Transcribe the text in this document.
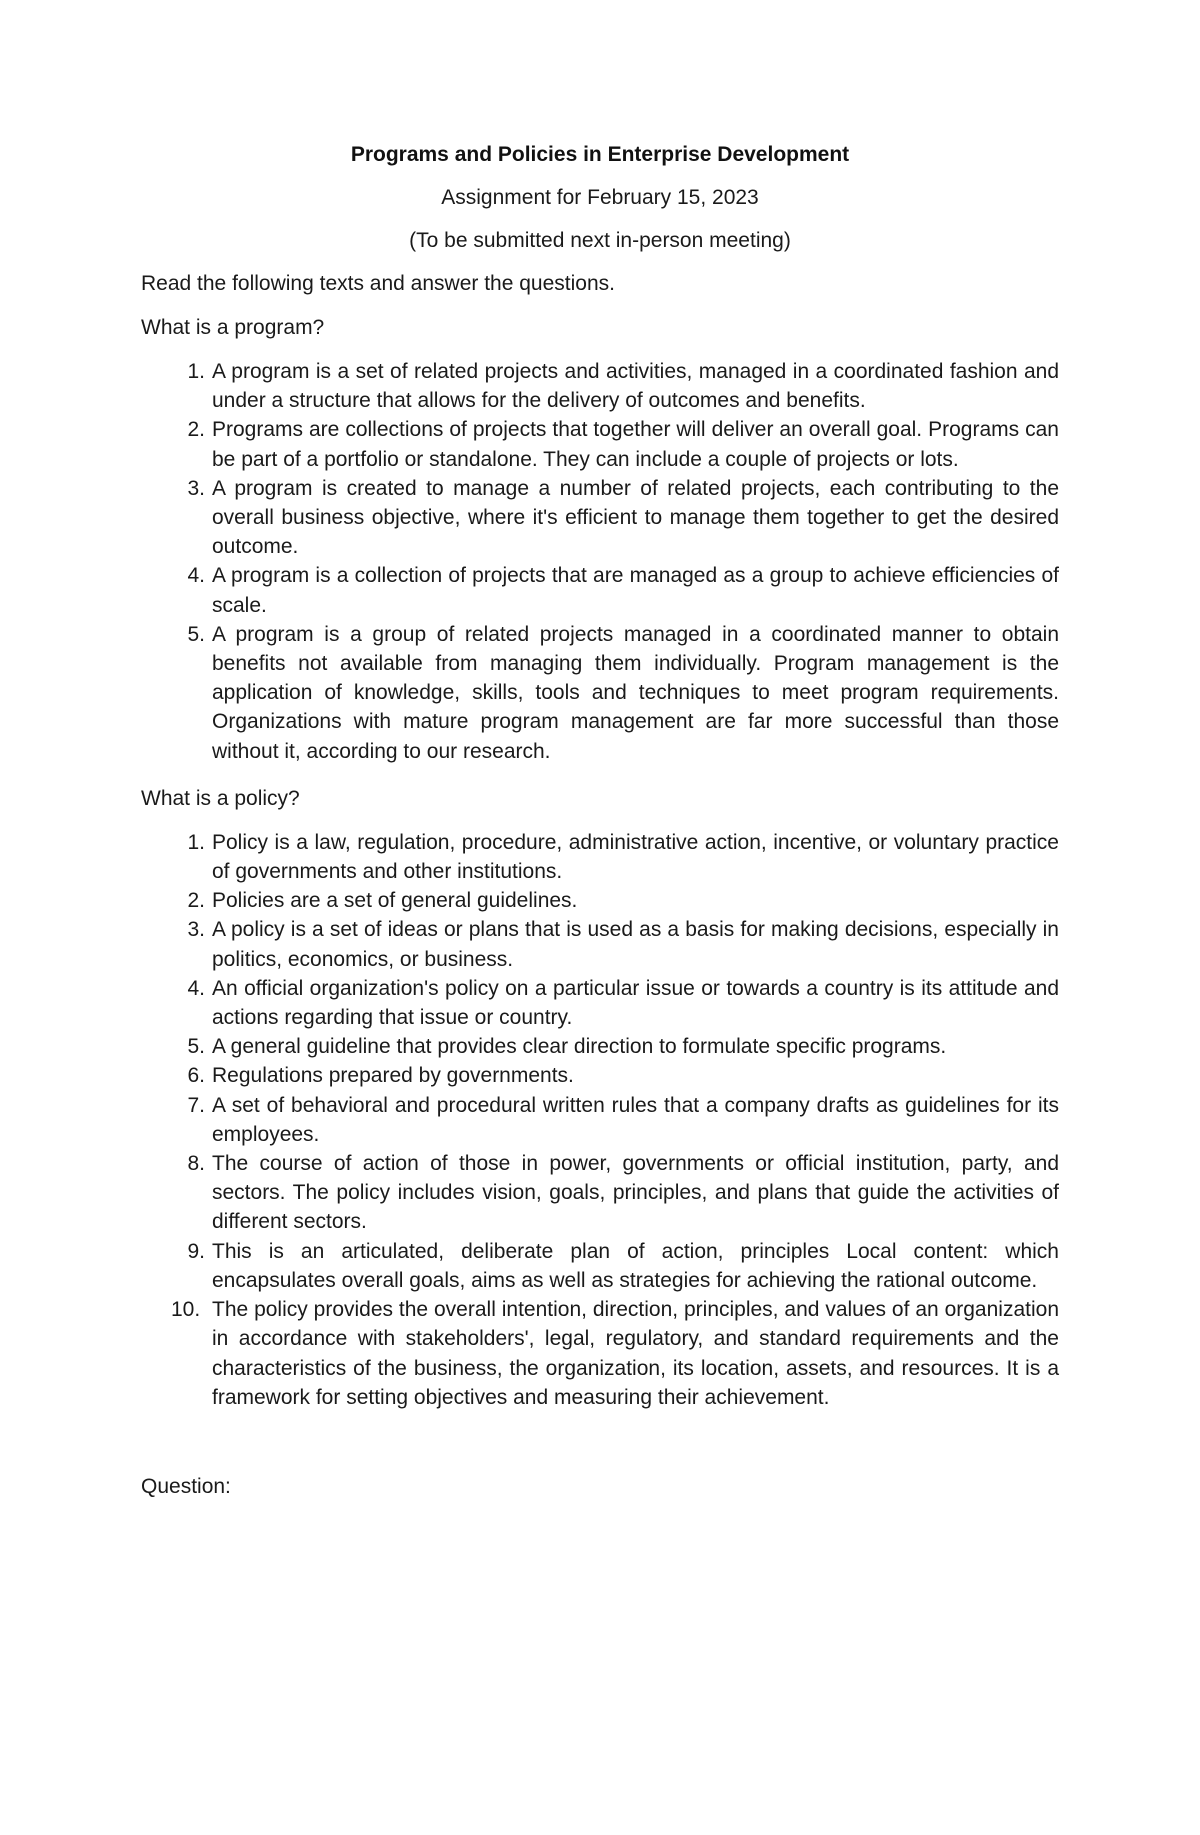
Programs and Policies in Enterprise Development
Assignment for February 15, 2023
(To be submitted next in-person meeting)
Read the following texts and answer the questions.
What is a program?
1. A program is a set of related projects and activities, managed in a coordinated fashion and under a structure that allows for the delivery of outcomes and benefits.
2. Programs are collections of projects that together will deliver an overall goal. Programs can be part of a portfolio or standalone. They can include a couple of projects or lots.
3. A program is created to manage a number of related projects, each contributing to the overall business objective, where it's efficient to manage them together to get the desired outcome.
4. A program is a collection of projects that are managed as a group to achieve efficiencies of scale.
5. A program is a group of related projects managed in a coordinated manner to obtain benefits not available from managing them individually. Program management is the application of knowledge, skills, tools and techniques to meet program requirements. Organizations with mature program management are far more successful than those without it, according to our research.
What is a policy?
1. Policy is a law, regulation, procedure, administrative action, incentive, or voluntary practice of governments and other institutions.
2. Policies are a set of general guidelines.
3. A policy is a set of ideas or plans that is used as a basis for making decisions, especially in politics, economics, or business.
4. An official organization's policy on a particular issue or towards a country is its attitude and actions regarding that issue or country.
5. A general guideline that provides clear direction to formulate specific programs.
6. Regulations prepared by governments.
7. A set of behavioral and procedural written rules that a company drafts as guidelines for its employees.
8. The course of action of those in power, governments or official institution, party, and sectors. The policy includes vision, goals, principles, and plans that guide the activities of different sectors.
9. This is an articulated, deliberate plan of action, principles Local content: which encapsulates overall goals, aims as well as strategies for achieving the rational outcome.
10. The policy provides the overall intention, direction, principles, and values of an organization in accordance with stakeholders', legal, regulatory, and standard requirements and the characteristics of the business, the organization, its location, assets, and resources. It is a framework for setting objectives and measuring their achievement.
Question:
